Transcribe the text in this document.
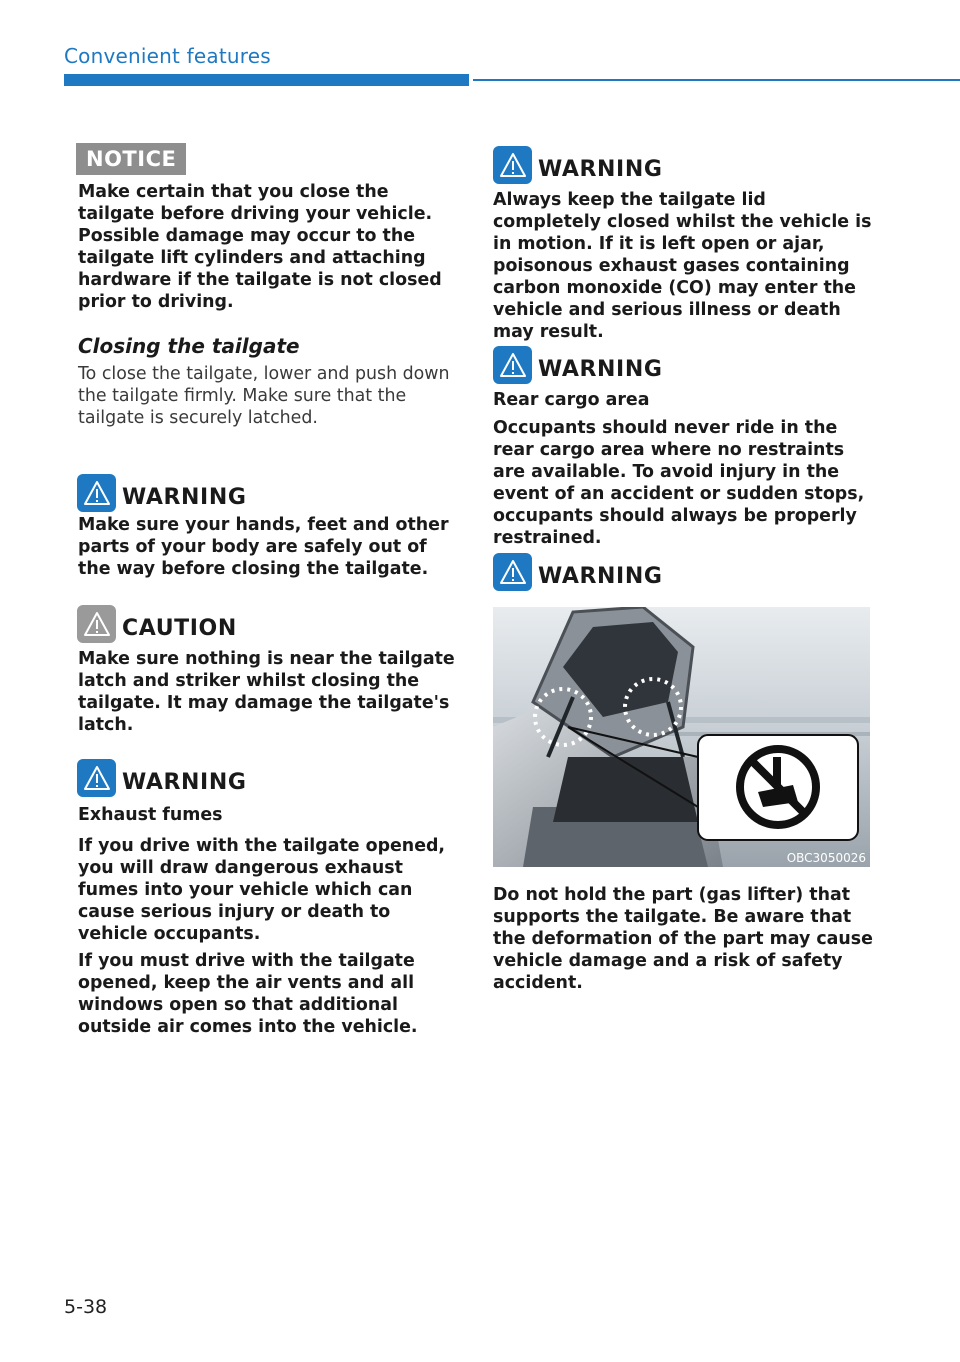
Convenient features
NOTICE

Make certain that you close the tailgate before driving your vehicle. Possible damage may occur to the tailgate lift cylinders and attaching hardware if the tailgate is not closed prior to driving.

Closing the tailgate

To close the tailgate, lower and push down the tailgate firmly. Make sure that the tailgate is securely latched.

WARNING

Make sure your hands, feet and other parts of your body are safely out of the way before closing the tailgate.

CAUTION

Make sure nothing is near the tailgate latch and striker whilst closing the tailgate. It may damage the tailgate's latch.

WARNING

Exhaust fumes

If you drive with the tailgate opened, you will draw dangerous exhaust fumes into your vehicle which can cause serious injury or death to vehicle occupants.

If you must drive with the tailgate opened, keep the air vents and all windows open so that additional outside air comes into the vehicle.

WARNING

Always keep the tailgate lid completely closed whilst the vehicle is in motion. If it is left open or ajar, poisonous exhaust gases containing carbon monoxide (CO) may enter the vehicle and serious illness or death may result.

WARNING

Rear cargo area

Occupants should never ride in the rear cargo area where no restraints are available. To avoid injury in the event of an accident or sudden stops, occupants should always be properly restrained.

WARNING
OBC3050026

Do not hold the part (gas lifter) that supports the tailgate. Be aware that the deformation of the part may cause vehicle damage and a risk of safety accident.

5-38
